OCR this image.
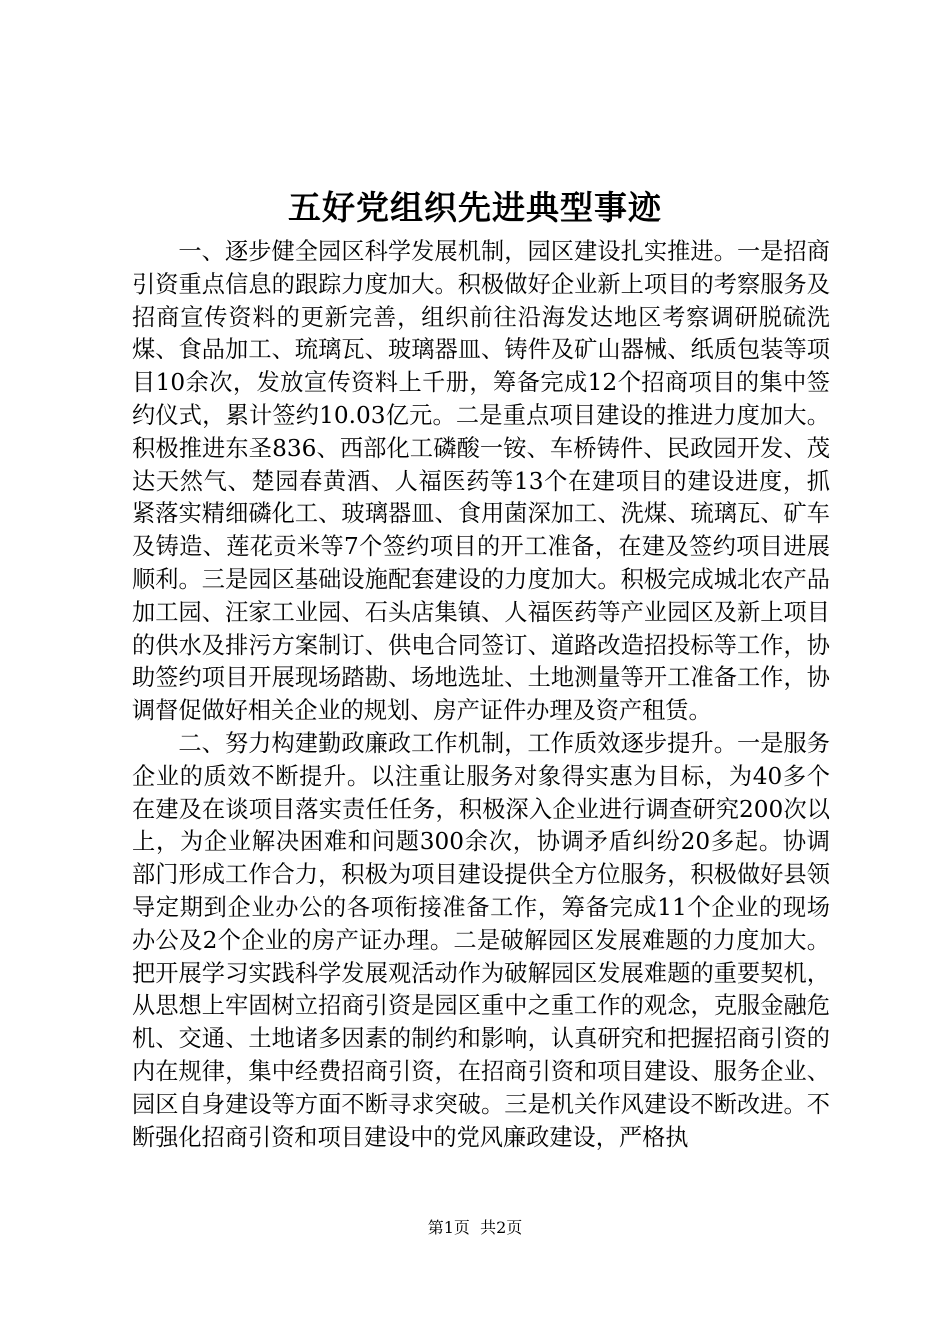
五好党组织先进典型事迹

一、逐步健全园区科学发展机制，园区建设扎实推进。一是招商引资重点信息的跟踪力度加大。积极做好企业新上项目的考察服务及招商宣传资料的更新完善，组织前往沿海发达地区考察调研脱硫洗煤、食品加工、琉璃瓦、玻璃器皿、铸件及矿山器械、纸质包装等项目10余次，发放宣传资料上千册，筹备完成12个招商项目的集中签约仪式，累计签约10.03亿元。二是重点项目建设的推进力度加大。积极推进东圣836、西部化工磷酸一铵、车桥铸件、民政园开发、茂达天然气、楚园春黄酒、人福医药等13个在建项目的建设进度，抓紧落实精细磷化工、玻璃器皿、食用菌深加工、洗煤、琉璃瓦、矿车及铸造、莲花贡米等7个签约项目的开工准备，在建及签约项目进展顺利。三是园区基础设施配套建设的力度加大。积极完成城北农产品加工园、汪家工业园、石头店集镇、人福医药等产业园区及新上项目的供水及排污方案制订、供电合同签订、道路改造招投标等工作，协助签约项目开展现场踏勘、场地选址、土地测量等开工准备工作，协调督促做好相关企业的规划、房产证件办理及资产租赁。

二、努力构建勤政廉政工作机制，工作质效逐步提升。一是服务企业的质效不断提升。以注重让服务对象得实惠为目标，为40多个在建及在谈项目落实责任任务，积极深入企业进行调查研究200次以上，为企业解决困难和问题300余次，协调矛盾纠纷20多起。协调部门形成工作合力，积极为项目建设提供全方位服务，积极做好县领导定期到企业办公的各项衔接准备工作，筹备完成11个企业的现场办公及2个企业的房产证办理。二是破解园区发展难题的力度加大。把开展学习实践科学发展观活动作为破解园区发展难题的重要契机，从思想上牢固树立招商引资是园区重中之重工作的观念，克服金融危机、交通、土地诸多因素的制约和影响，认真研究和把握招商引资的内在规律，集中经费招商引资，在招商引资和项目建设、服务企业、园区自身建设等方面不断寻求突破。三是机关作风建设不断改进。不断强化招商引资和项目建设中的党风廉政建设，严格执

第1页  共2页
